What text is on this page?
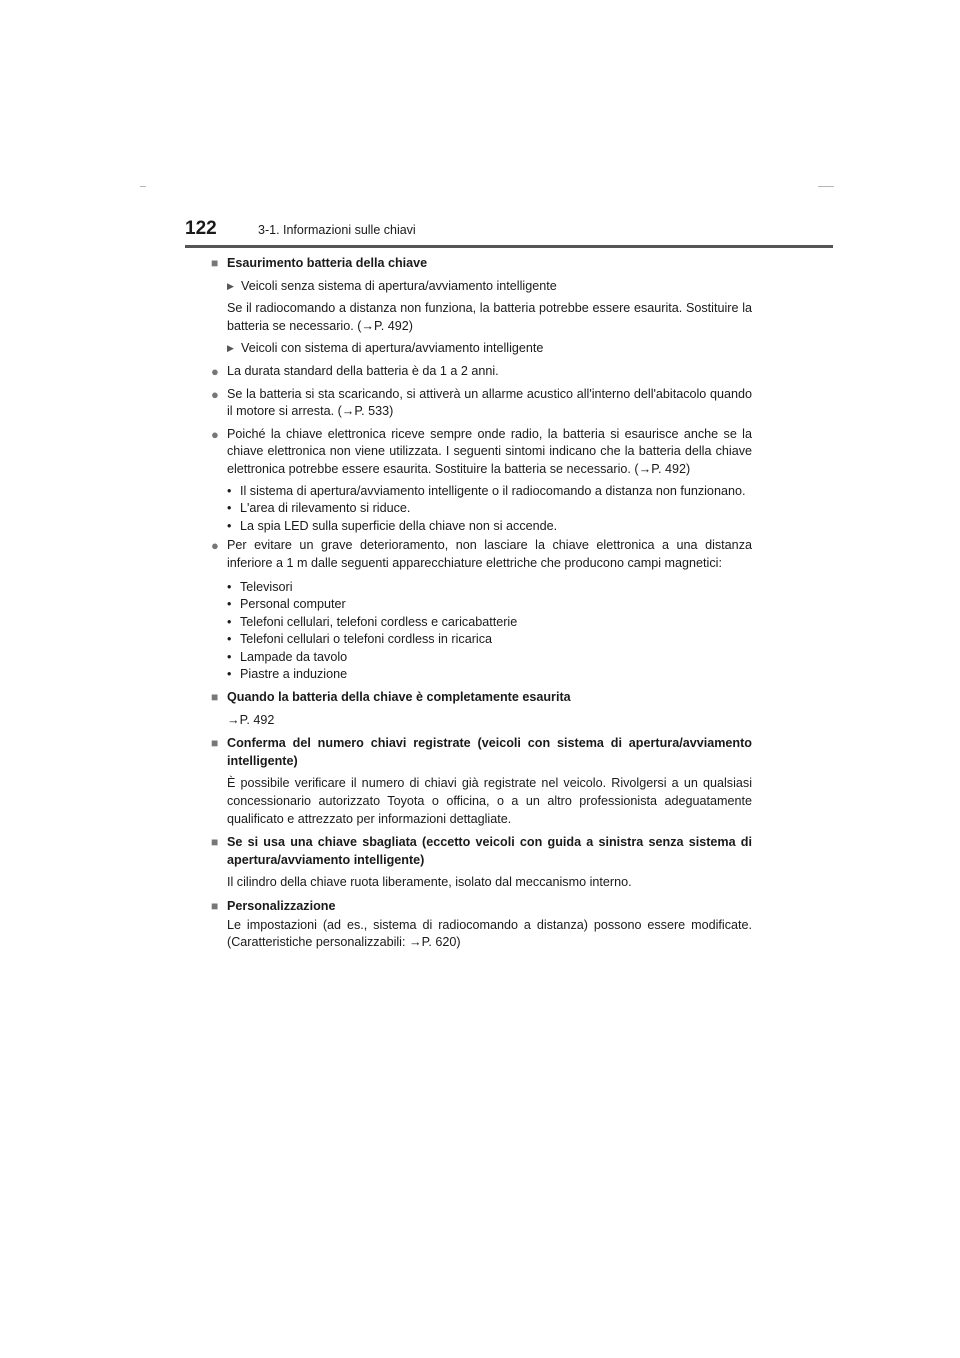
122	3-1. Informazioni sulle chiavi
■ Esaurimento batteria della chiave
▶ Veicoli senza sistema di apertura/avviamento intelligente
Se il radiocomando a distanza non funziona, la batteria potrebbe essere esaurita. Sostituire la batteria se necessario. (→P. 492)
▶ Veicoli con sistema di apertura/avviamento intelligente
● La durata standard della batteria è da 1 a 2 anni.
● Se la batteria si sta scaricando, si attiverà un allarme acustico all'interno dell'abitacolo quando il motore si arresta. (→P. 533)
● Poiché la chiave elettronica riceve sempre onde radio, la batteria si esaurisce anche se la chiave elettronica non viene utilizzata. I seguenti sintomi indicano che la batteria della chiave elettronica potrebbe essere esaurita. Sostituire la batteria se necessario. (→P. 492)
• Il sistema di apertura/avviamento intelligente o il radiocomando a distanza non funzionano.
• L'area di rilevamento si riduce.
• La spia LED sulla superficie della chiave non si accende.
● Per evitare un grave deterioramento, non lasciare la chiave elettronica a una distanza inferiore a 1 m dalle seguenti apparecchiature elettriche che producono campi magnetici:
• Televisori
• Personal computer
• Telefoni cellulari, telefoni cordless e caricabatterie
• Telefoni cellulari o telefoni cordless in ricarica
• Lampade da tavolo
• Piastre a induzione
■ Quando la batteria della chiave è completamente esaurita
→P. 492
■ Conferma del numero chiavi registrate (veicoli con sistema di apertura/avviamento intelligente)
È possibile verificare il numero di chiavi già registrate nel veicolo. Rivolgersi a un qualsiasi concessionario autorizzato Toyota o officina, o a un altro professionista adeguatamente qualificato e attrezzato per informazioni dettagliate.
■ Se si usa una chiave sbagliata (eccetto veicoli con guida a sinistra senza sistema di apertura/avviamento intelligente)
Il cilindro della chiave ruota liberamente, isolato dal meccanismo interno.
■ Personalizzazione
Le impostazioni (ad es., sistema di radiocomando a distanza) possono essere modificate. (Caratteristiche personalizzabili: →P. 620)
